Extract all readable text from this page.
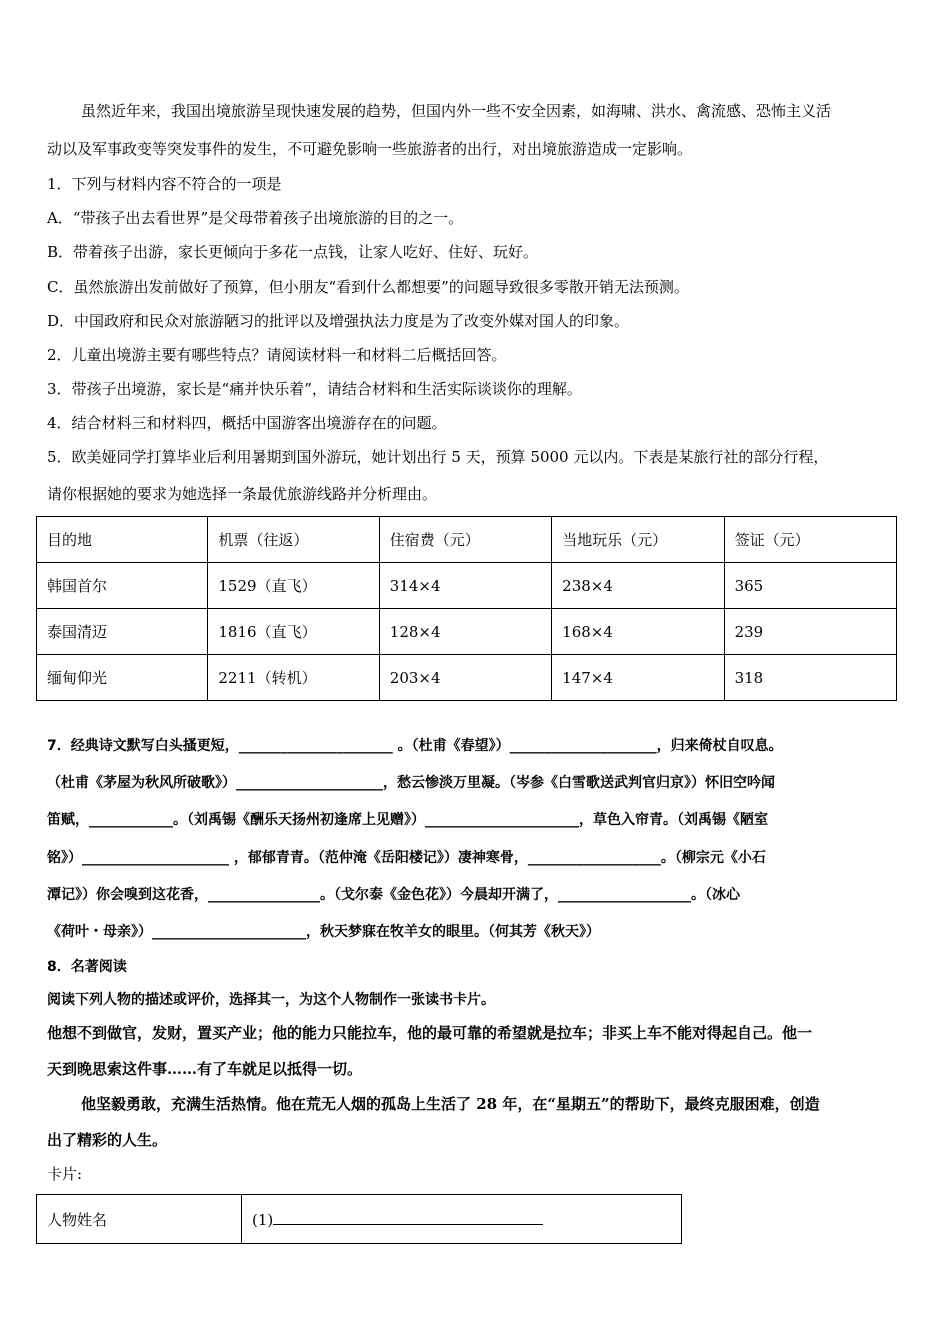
虽然近年来，我国出境旅游呈现快速发展的趋势，但国内外一些不安全因素，如海啸、洪水、禽流感、恐怖主义活
动以及军事政变等突发事件的发生，不可避免影响一些旅游者的出行，对出境旅游造成一定影响。
1．下列与材料内容不符合的一项是
A．“带孩子出去看世界”是父母带着孩子出境旅游的目的之一。
B．带着孩子出游，家长更倾向于多花一点钱，让家人吃好、住好、玩好。
C．虽然旅游出发前做好了预算，但小朋友“看到什么都想要”的问题导致很多零散开销无法预测。
D．中国政府和民众对旅游陋习的批评以及增强执法力度是为了改变外媒对国人的印象。
2．儿童出境游主要有哪些特点？请阅读材料一和材料二后概括回答。
3．带孩子出境游，家长是“痛并快乐着”，请结合材料和生活实际谈谈你的理解。
4．结合材料三和材料四，概括中国游客出境游存在的问题。
5．欧美娅同学打算毕业后利用暑期到国外游玩，她计划出行 5 天，预算 5000 元以内。下表是某旅行社的部分行程，
请你根据她的要求为她选择一条最优旅游线路并分析理由。
目的地	机票（往返）	住宿费（元）	当地玩乐（元）	签证（元）
韩国首尔	1529（直飞）	314×4	238×4	365
泰国清迈	1816（直飞）	128×4	168×4	239
缅甸仰光	2211（转机）	203×4	147×4	318
7．经典诗文默写白头搔更短，______________________ 。（杜甫《春望》）_____________________，归来倚杖自叹息。
（杜甫《茅屋为秋风所破歌》）_____________________，愁云惨淡万里凝。（岑参《白雪歌送武判官归京》）怀旧空吟闻
笛赋，____________。（刘禹锡《酬乐天扬州初逢席上见赠》）______________________，草色入帘青。（刘禹锡《陋室
铭》）_____________________ ，郁郁青青。（范仲淹《岳阳楼记》）凄神寒骨，___________________。（柳宗元《小石
潭记》）你会嗅到这花香，________________。（戈尔泰《金色花》）今晨却开满了，___________________。（冰心
《荷叶・母亲》）______________________，秋天梦寐在牧羊女的眼里。（何其芳《秋天》）
8．名著阅读
阅读下列人物的描述或评价，选择其一，为这个人物制作一张读书卡片。
他想不到做官，发财，置买产业；他的能力只能拉车，他的最可靠的希望就是拉车；非买上车不能对得起自己。他一
天到晚思索这件事……有了车就足以抵得一切。
他坚毅勇敢，充满生活热情。他在荒无人烟的孤岛上生活了 28 年，在“星期五”的帮助下，最终克服困难，创造
出了精彩的人生。
卡片:
人物姓名	(1)
